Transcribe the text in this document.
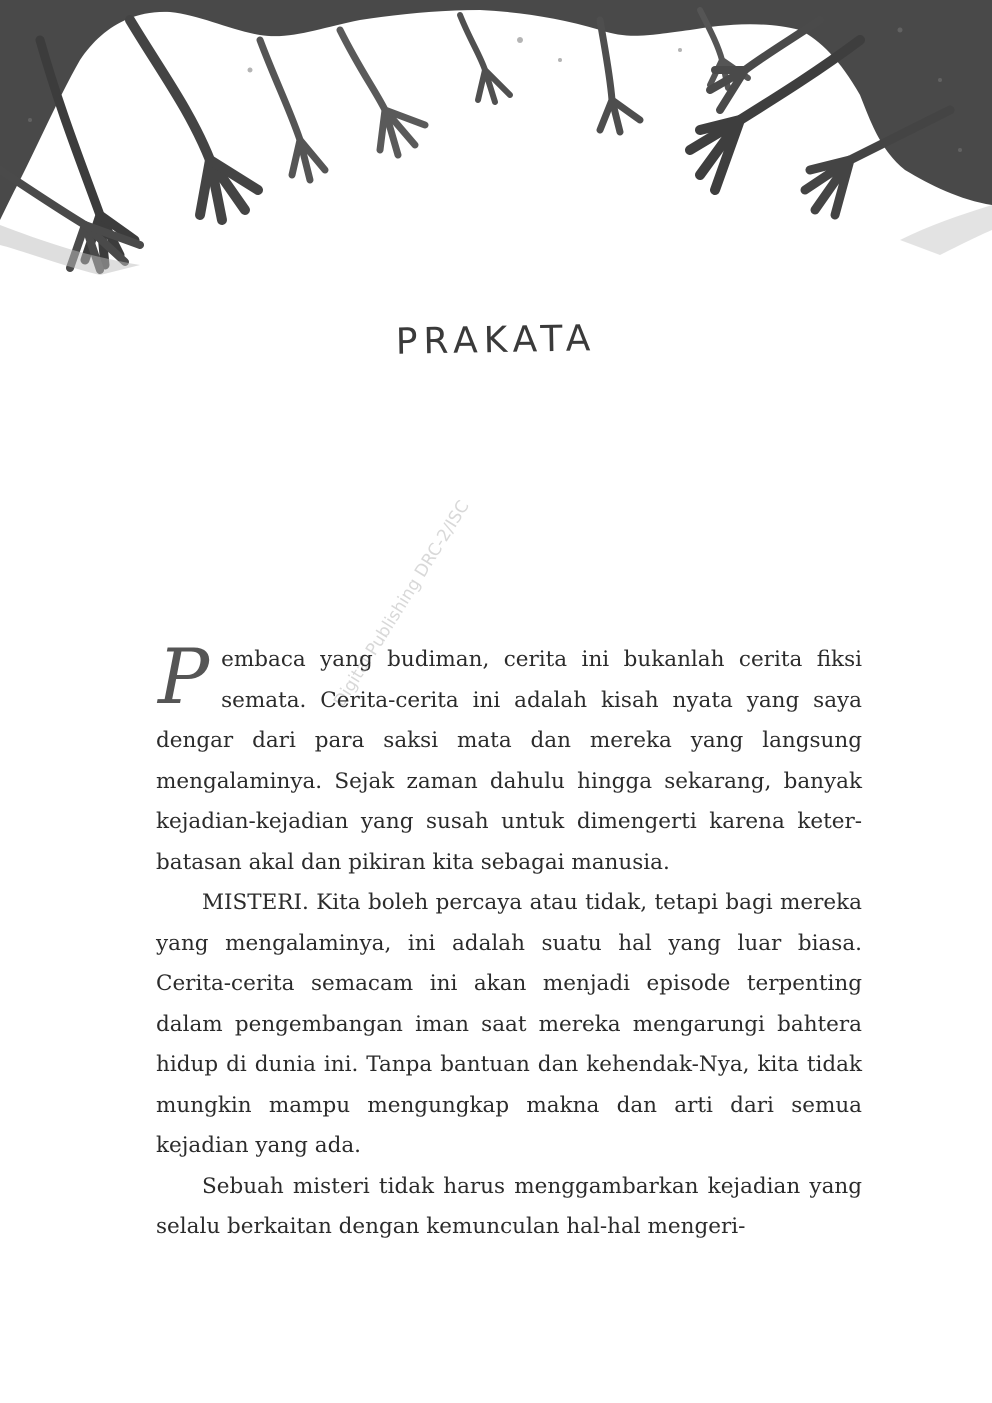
PRAKATA
Digital Publishing DRC-2/ISC

Pembaca yang budiman, cerita ini bukanlah cerita fiksi semata. Cerita-cerita ini adalah kisah nyata yang saya dengar dari para saksi mata dan mereka yang langsung mengalaminya. Sejak zaman dahulu hingga sekarang, banyak kejadian-kejadian yang susah untuk dimengerti karena keter-batasan akal dan pikiran kita sebagai manusia.

MISTERI. Kita boleh percaya atau tidak, tetapi bagi mereka yang mengalaminya, ini adalah suatu hal yang luar biasa. Cerita-cerita semacam ini akan menjadi episode terpenting dalam pengembangan iman saat mereka mengarungi bahtera hidup di dunia ini. Tanpa bantuan dan kehendak-Nya, kita tidak mungkin mampu mengungkap makna dan arti dari semua kejadian yang ada.

Sebuah misteri tidak harus menggambarkan kejadian yang selalu berkaitan dengan kemunculan hal-hal mengeri-
